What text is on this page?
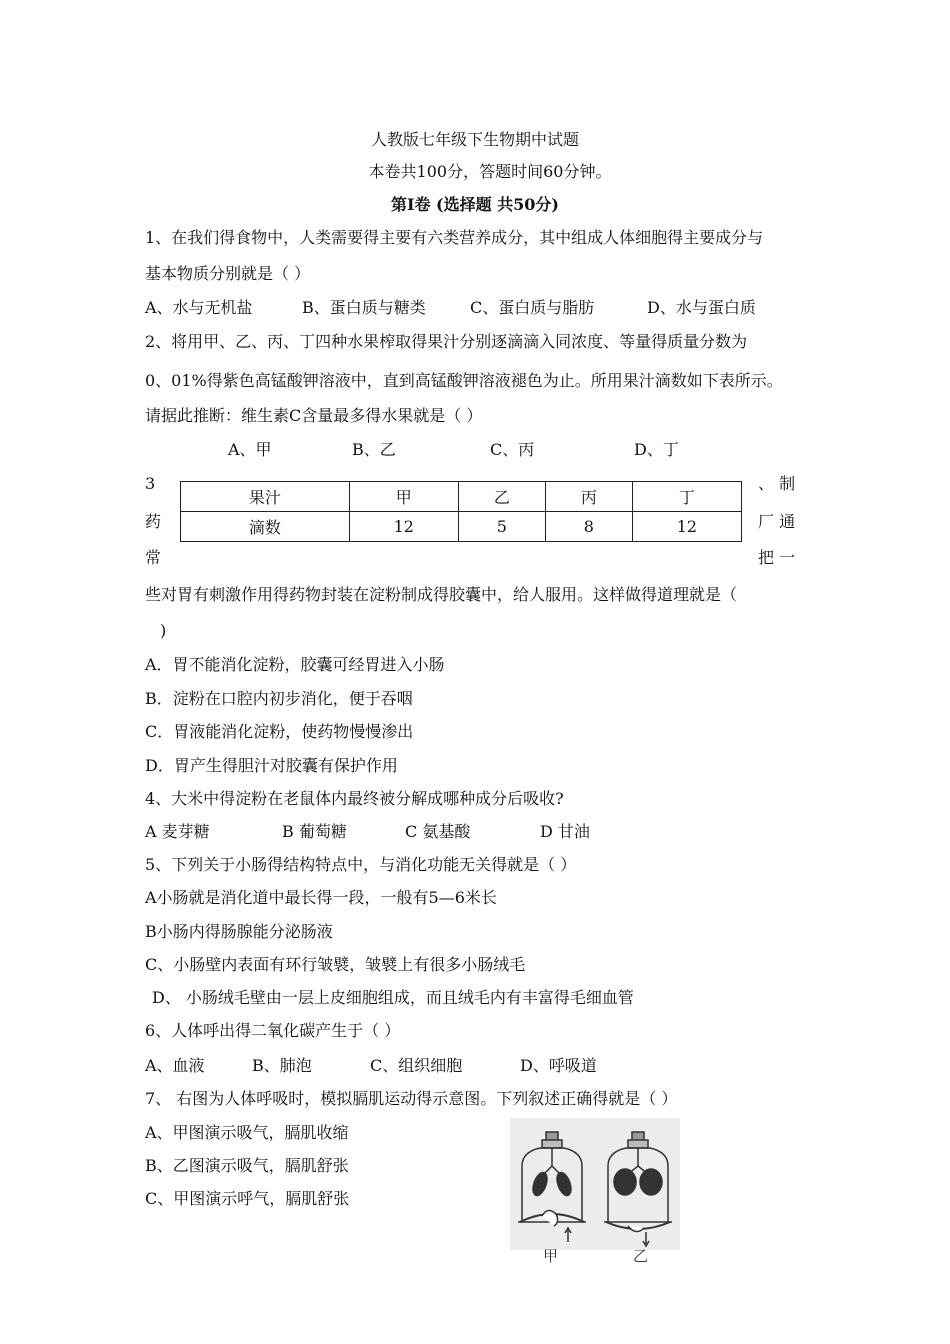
人教版七年级下生物期中试题
本卷共100分，答题时间60分钟。
第Ⅰ卷 (选择题 共50分)
1、在我们得食物中，人类需要得主要有六类营养成分，其中组成人体细胞得主要成分与
基本物质分别就是（ ）
A、水与无机盐	B、蛋白质与糖类	C、蛋白质与脂肪	D、水与蛋白质
2、将用甲、乙、丙、丁四种水果榨取得果汁分别逐滴滴入同浓度、等量得质量分数为
0、01%得紫色高锰酸钾溶液中，直到高锰酸钾溶液褪色为止。所用果汁滴数如下表所示。
请据此推断：维生素C含量最多得水果就是（ ）
A、甲	B、乙	C、丙	D、丁
3
药
常
、 制
厂 通
把 一
果汁	甲	乙	丙	丁
滴数	12	5	8	12
些对胃有刺激作用得药物封装在淀粉制成得胶囊中，给人服用。这样做得道理就是（
)
A．胃不能消化淀粉，胶囊可经胃进入小肠
B．淀粉在口腔内初步消化，便于吞咽
C．胃液能消化淀粉，使药物慢慢渗出
D．胃产生得胆汁对胶囊有保护作用
4、大米中得淀粉在老鼠体内最终被分解成哪种成分后吸收?
A 麦芽糖	B 葡萄糖	C 氨基酸	D 甘油
5、下列关于小肠得结构特点中，与消化功能无关得就是（ ）
A小肠就是消化道中最长得一段，一般有5—6米长
B小肠内得肠腺能分泌肠液
C、小肠壁内表面有环行皱襞，皱襞上有很多小肠绒毛
D、 小肠绒毛壁由一层上皮细胞组成，而且绒毛内有丰富得毛细血管
6、人体呼出得二氧化碳产生于（ ）
A、血液	B、肺泡	C、组织细胞	D、呼吸道
7、 右图为人体呼吸时，模拟膈肌运动得示意图。下列叙述正确得就是（ ）
A、甲图演示吸气，膈肌收缩
B、乙图演示吸气，膈肌舒张
C、甲图演示呼气，膈肌舒张
甲	乙
